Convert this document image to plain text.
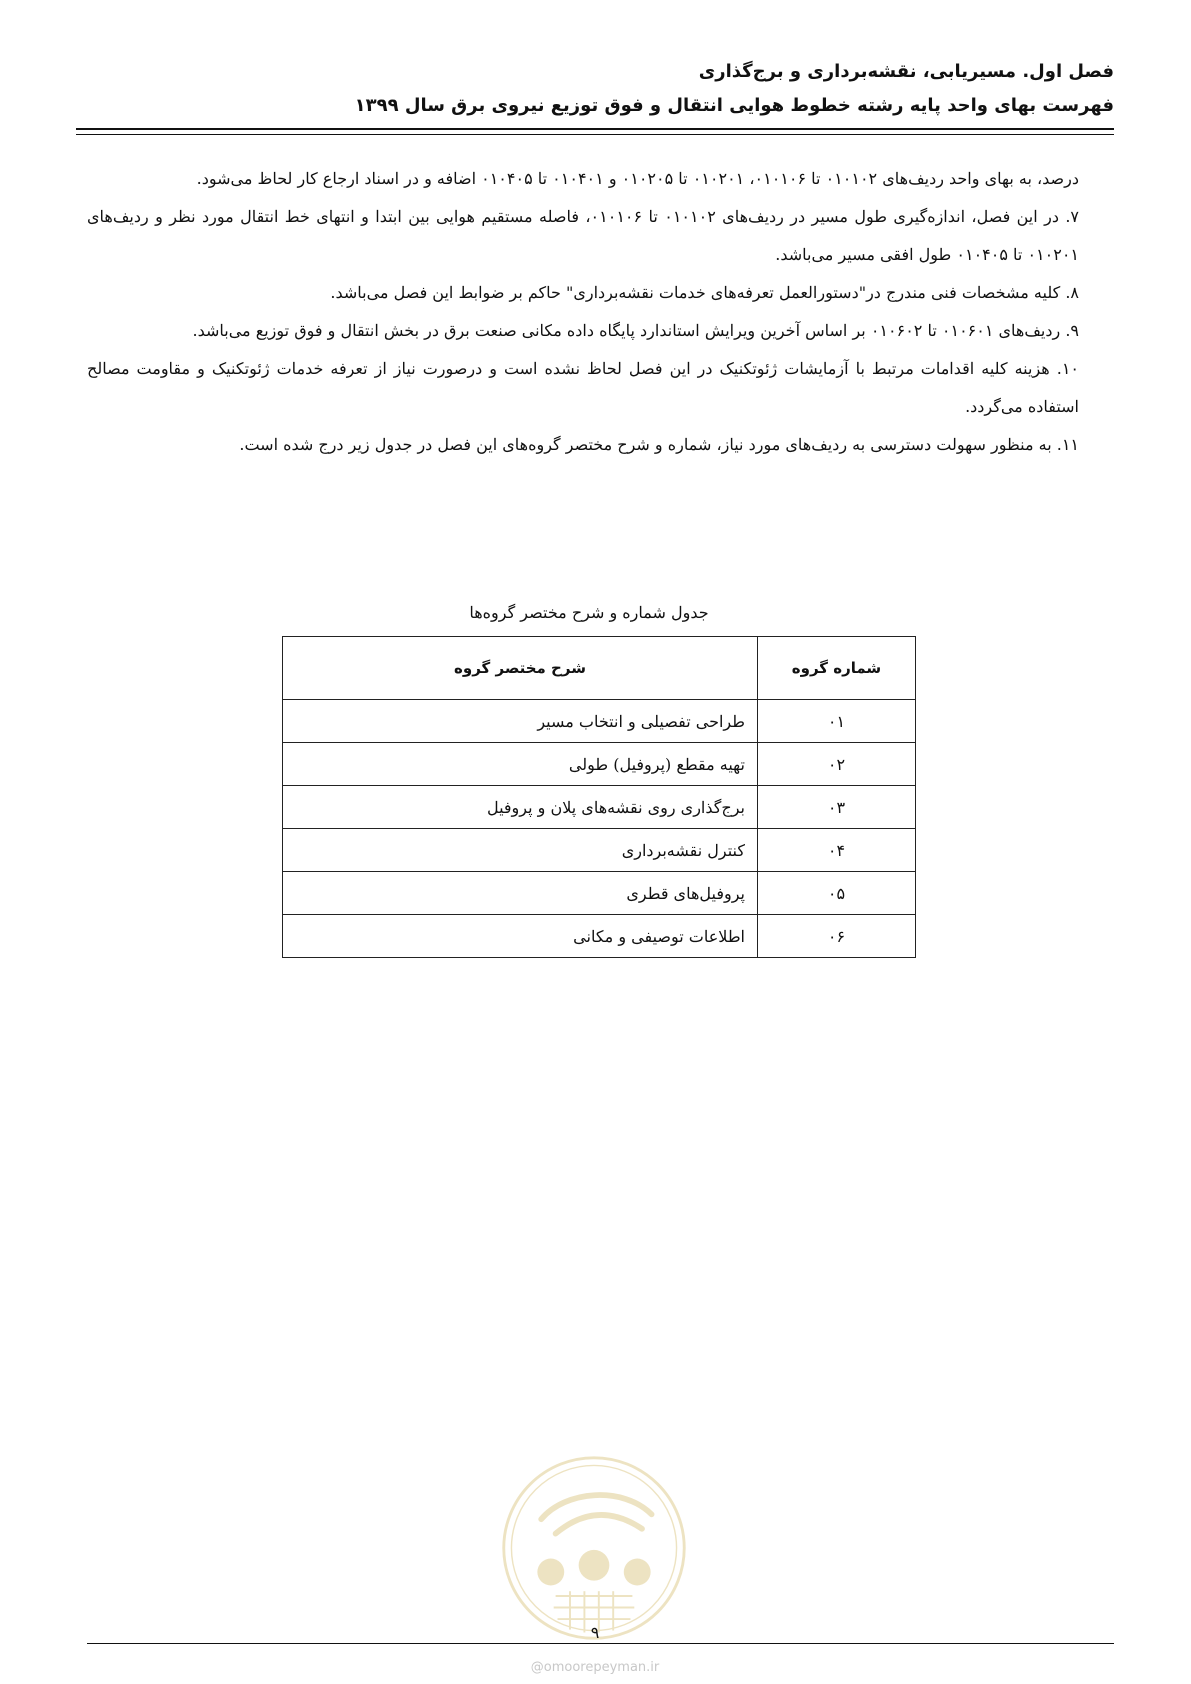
فصل اول. مسیریابی، نقشه‌برداری و برج‌گذاری
فهرست بهای واحد پایه رشته خطوط هوایی انتقال و فوق توزیع نیروی برق سال ۱۳۹۹

درصد، به بهای واحد ردیف‌های ۰۱۰۱۰۲ تا ۰۱۰۱۰۶، ۰۱۰۲۰۱ تا ۰۱۰۲۰۵ و ۰۱۰۴۰۱ تا ۰۱۰۴۰۵ اضافه و در اسناد ارجاع کار لحاظ می‌شود.

۷. در این فصل، اندازه‌گیری طول مسیر در ردیف‌های ۰۱۰۱۰۲ تا ۰۱۰۱۰۶، فاصله مستقیم هوایی بین ابتدا و انتهای خط انتقال مورد نظر و ردیف‌های ۰۱۰۲۰۱ تا ۰۱۰۴۰۵ طول افقی مسیر می‌باشد.

۸. کلیه مشخصات فنی مندرج در"دستورالعمل تعرفه‌های خدمات نقشه‌برداری" حاکم بر ضوابط این فصل می‌باشد.

۹. ردیف‌های ۰۱۰۶۰۱ تا ۰۱۰۶۰۲ بر اساس آخرین ویرایش استاندارد پایگاه داده مکانی صنعت برق در بخش انتقال و فوق توزیع می‌باشد.

۱۰. هزینه کلیه اقدامات مرتبط با آزمایشات ژئوتکنیک در این فصل لحاظ نشده است و درصورت نیاز از تعرفه خدمات ژئوتکنیک و مقاومت مصالح استفاده می‌گردد.

۱۱. به منظور سهولت دسترسی به ردیف‌های مورد نیاز، شماره و شرح مختصر گروه‌های این فصل در جدول زیر درج شده است.

جدول شماره و شرح مختصر گروه‌ها
شماره گروه	شرح مختصر گروه
۰۱	طراحی تفصیلی و انتخاب مسیر
۰۲	تهیه مقطع (پروفیل) طولی
۰۳	برج‌گذاری روی نقشه‌های پلان و پروفیل
۰۴	کنترل نقشه‌برداری
۰۵	پروفیل‌های قطری
۰۶	اطلاعات توصیفی و مکانی
۹
@omoorepeyman.ir
